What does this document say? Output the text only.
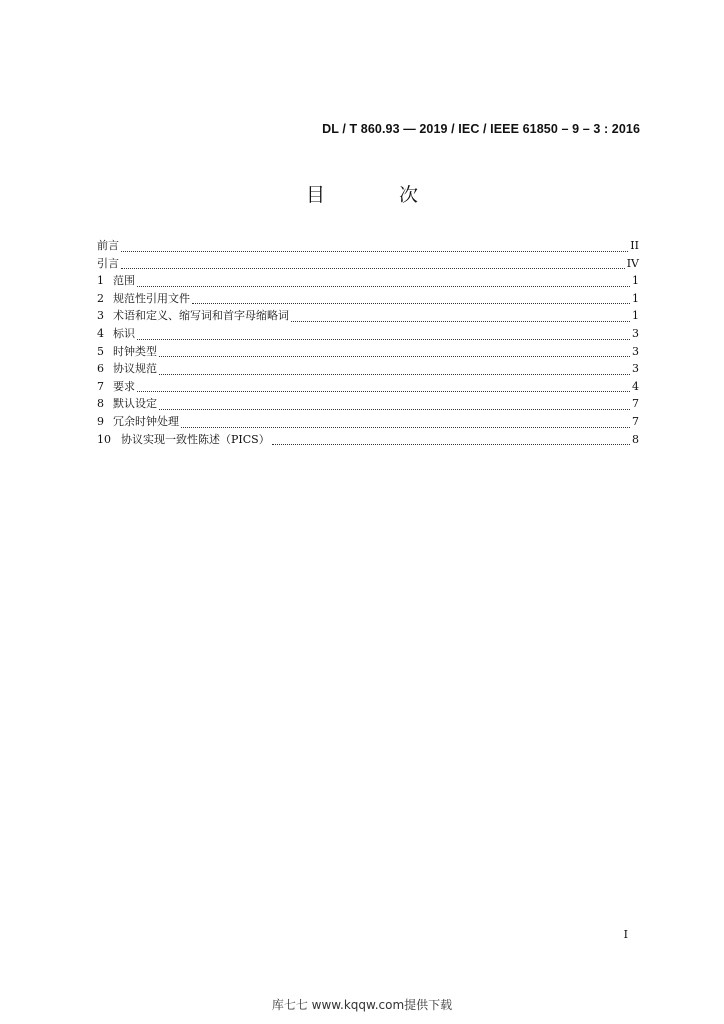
DL / T 860.93 — 2019 / IEC / IEEE 61850 – 9 – 3 : 2016
目 次
前言	II
引言	IV
1 范围	1
2 规范性引用文件	1
3 术语和定义、缩写词和首字母缩略词	1
4 标识	3
5 时钟类型	3
6 协议规范	3
7 要求	4
8 默认设定	7
9 冗余时钟处理	7
10 协议实现一致性陈述（PICS）	8
I
库七七 www.kqqw.com提供下载
